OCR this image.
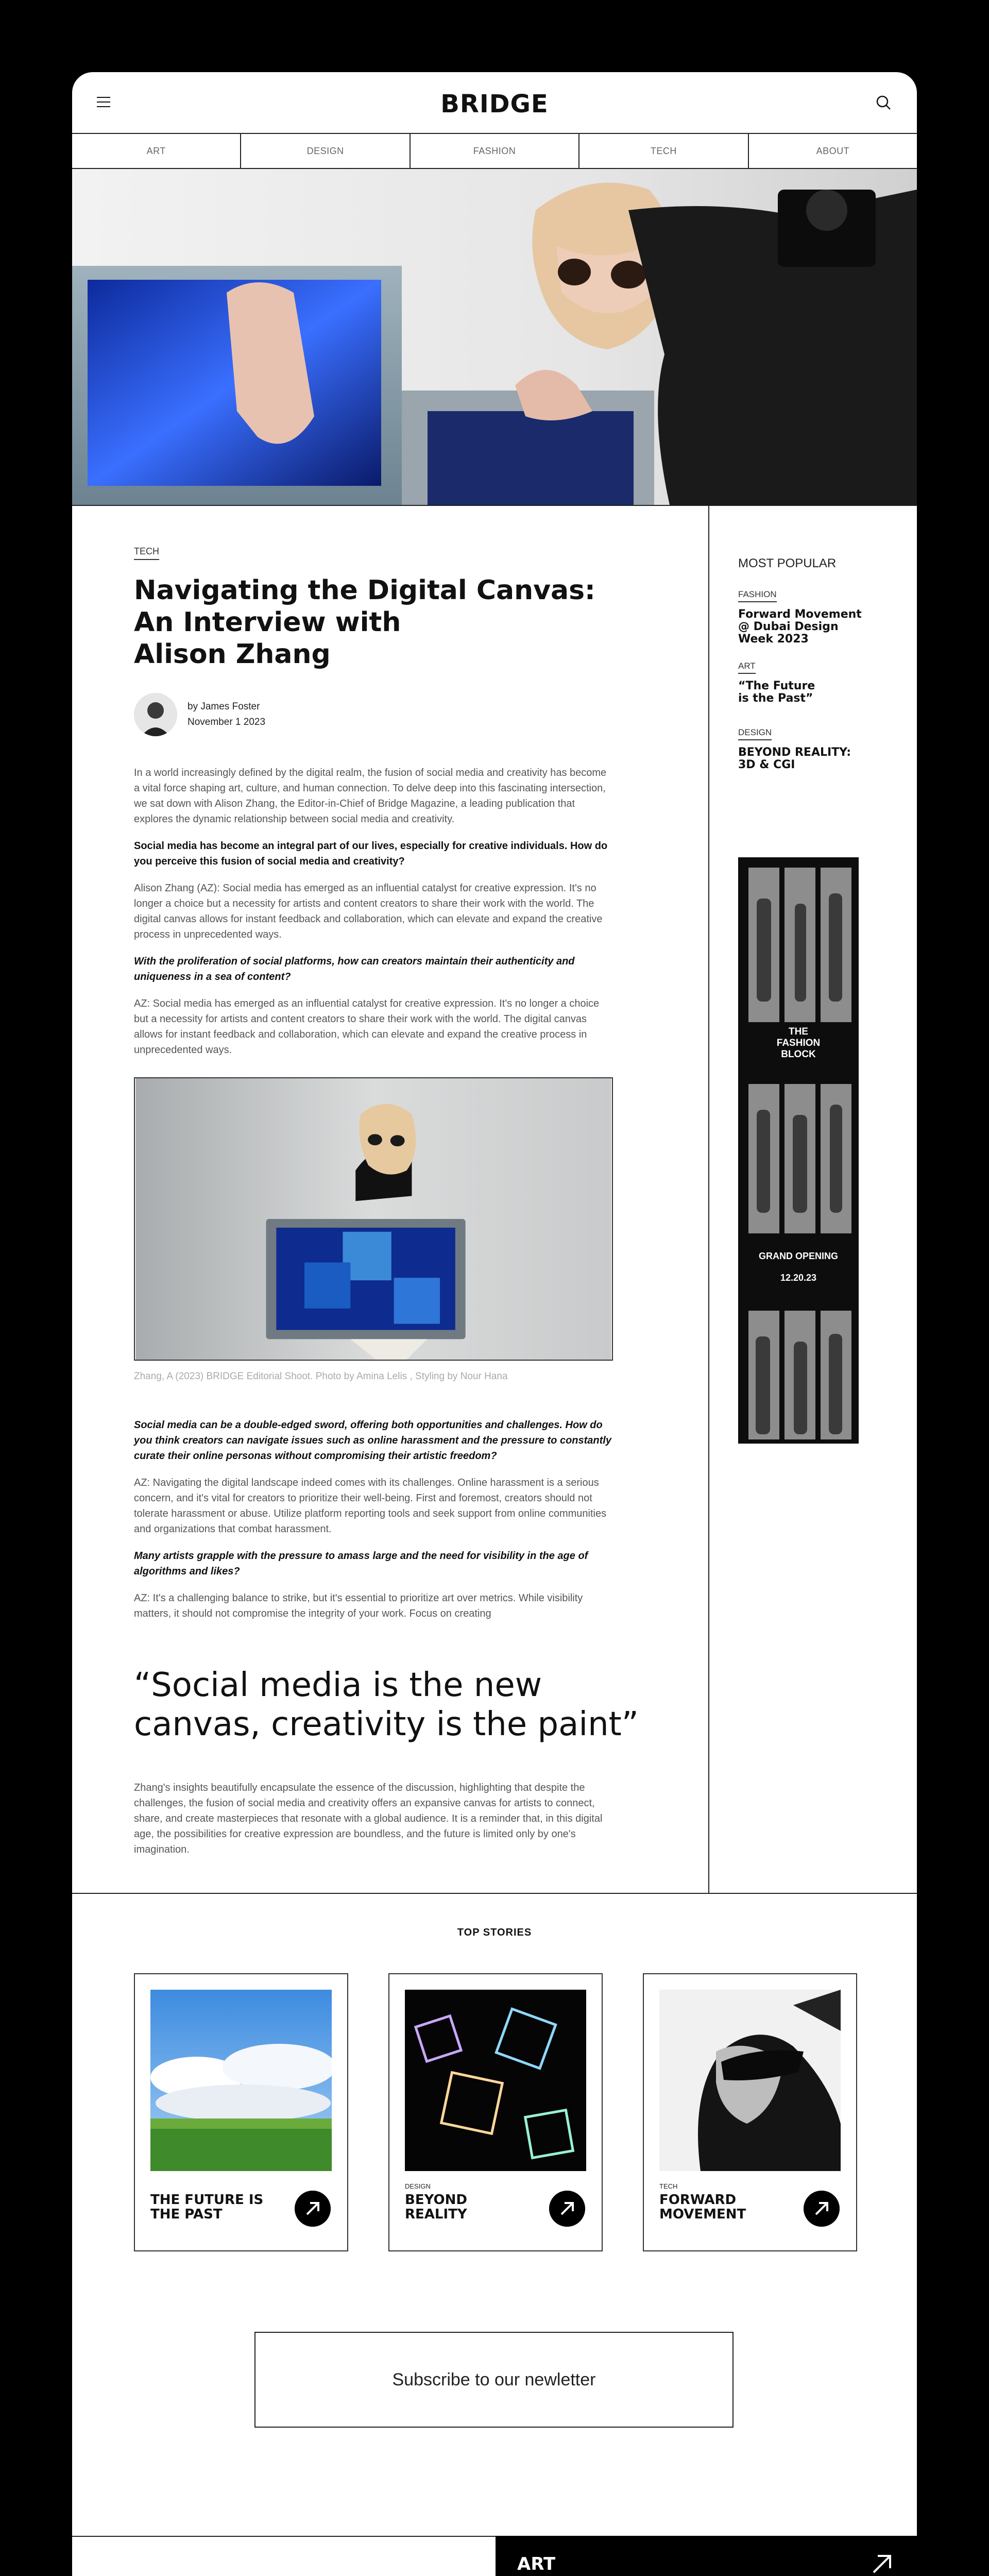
BRIDGE
ART	DESIGN	FASHION	TECH	ABOUT
TECH
Navigating the Digital Canvas:
An Interview with
Alison Zhang
by James Foster
November 1 2023

In a world increasingly defined by the digital realm, the fusion of social media and creativity has become a vital force shaping art, culture, and human connection. To delve deep into this fascinating intersection, we sat down with Alison Zhang, the Editor-in-Chief of Bridge Magazine, a leading publication that explores the dynamic relationship between social media and creativity.

Social media has become an integral part of our lives, especially for creative individuals. How do you perceive this fusion of social media and creativity?

Alison Zhang (AZ): Social media has emerged as an influential catalyst for creative expression. It's no longer a choice but a necessity for artists and content creators to share their work with the world. The digital canvas allows for instant feedback and collaboration, which can elevate and expand the creative process in unprecedented ways.

With the proliferation of social platforms, how can creators maintain their authenticity and uniqueness in a sea of content?

AZ: Social media has emerged as an influential catalyst for creative expression. It's no longer a choice but a necessity for artists and content creators to share their work with the world. The digital canvas allows for instant feedback and collaboration, which can elevate and expand the creative process in unprecedented ways.

Zhang, A (2023) BRIDGE Editorial Shoot. Photo by Amina Lelis , Styling by Nour Hana

Social media can be a double-edged sword, offering both opportunities and challenges. How do you think creators can navigate issues such as online harassment and the pressure to constantly curate their online personas without compromising their artistic freedom?

AZ: Navigating the digital landscape indeed comes with its challenges. Online harassment is a serious concern, and it's vital for creators to prioritize their well-being. First and foremost, creators should not tolerate harassment or abuse. Utilize platform reporting tools and seek support from online communities and organizations that combat harassment.

Many artists grapple with the pressure to amass large and the need for visibility in the age of algorithms and likes?

AZ: It's a challenging balance to strike, but it's essential to prioritize art over metrics. While visibility matters, it should not compromise the integrity of your work. Focus on creating

“Social media is the new canvas, creativity is the paint”

Zhang's insights beautifully encapsulate the essence of the discussion, highlighting that despite the challenges, the fusion of social media and creativity offers an expansive canvas for artists to connect, share, and create masterpieces that resonate with a global audience. It is a reminder that, in this digital age, the possibilities for creative expression are boundless, and the future is limited only by one's imagination.

MOST POPULAR
FASHION
Forward Movement @ Dubai Design Week 2023
ART
“The Future is the Past”
DESIGN
BEYOND REALITY: 3D & CGI
THE
FASHION
BLOCK
GRAND OPENING
12.20.23
TOP STORIES
THE FUTURE IS THE PAST
DESIGN
BEYOND REALITY
TECH
FORWARD MOVEMENT
Subscribe to our newletter
ART
